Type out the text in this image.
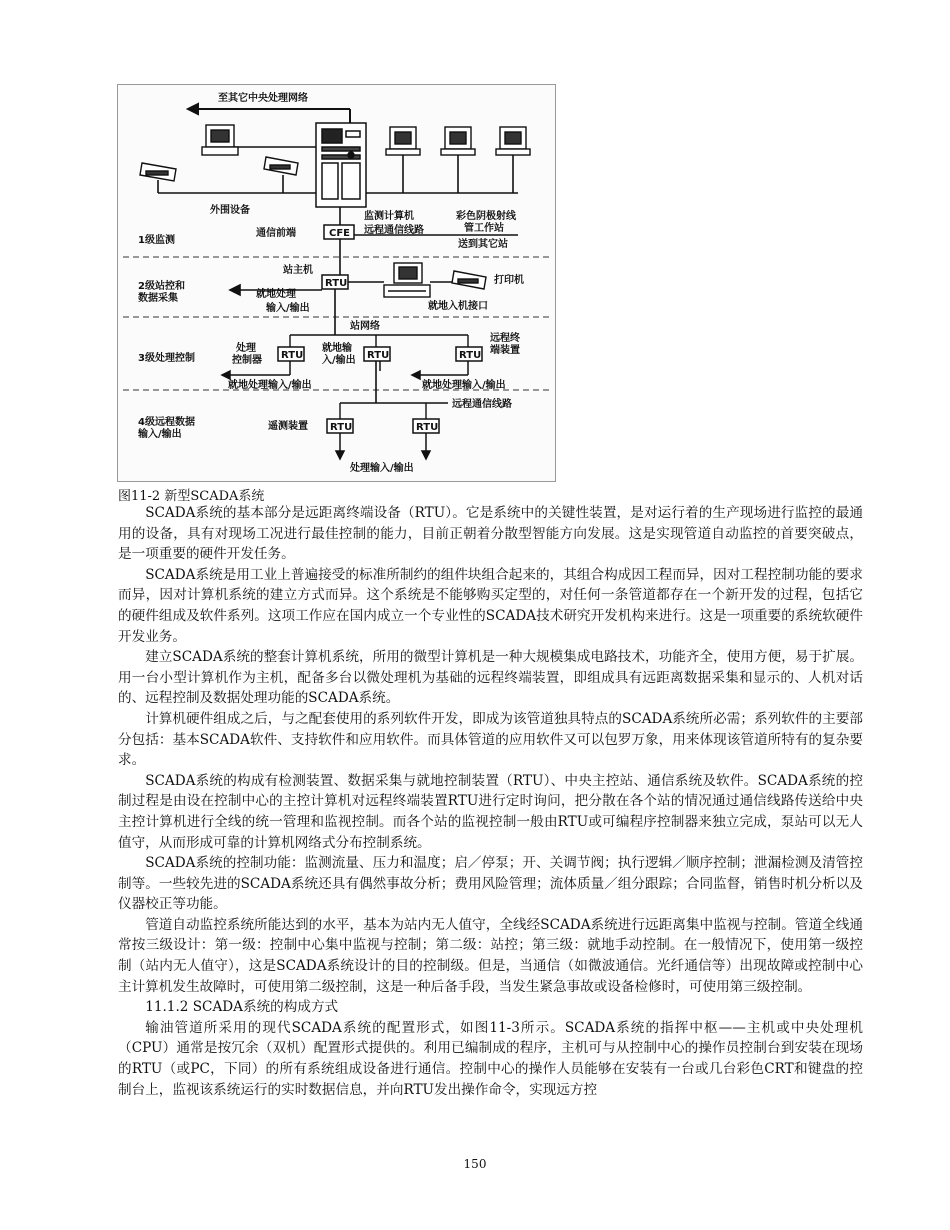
至其它中央处理网络
外围设备
监测计算机	彩色阴极射线
管工作站
CFE
通信前端	远程通信线路
送到其它站
1级监测
站主机
RTU	打印机
就地入机接口
2级站控和
数据采集	就地处理
输入/输出
站网络
RTU	RTU	RTU
处理
控制器
就地输
入/输出
远程终
端装置
3级处理控制
就地处理输入/输出	就地处理输入/输出
远程通信线路
RTU	RTU
遥测装置
4级远程数据
输入/输出
处理输入/输出
图11-2 新型SCADA系统

SCADA系统的基本部分是远距离终端设备（RTU）。它是系统中的关键性装置，是对运行着的生产现场进行监控的最通用的设备，具有对现场工况进行最佳控制的能力，目前正朝着分散型智能方向发展。这是实现管道自动监控的首要突破点，是一项重要的硬件开发任务。

SCADA系统是用工业上普遍接受的标准所制约的组件块组合起来的，其组合构成因工程而异，因对工程控制功能的要求而异，因对计算机系统的建立方式而异。这个系统是不能够购买定型的，对任何一条管道都存在一个新开发的过程，包括它的硬件组成及软件系列。这项工作应在国内成立一个专业性的SCADA技术研究开发机构来进行。这是一项重要的系统软硬件开发业务。

建立SCADA系统的整套计算机系统，所用的微型计算机是一种大规模集成电路技术，功能齐全，使用方便，易于扩展。用一台小型计算机作为主机，配备多台以微处理机为基础的远程终端装置，即组成具有远距离数据采集和显示的、人机对话的、远程控制及数据处理功能的SCADA系统。

计算机硬件组成之后，与之配套使用的系列软件开发，即成为该管道独具特点的SCADA系统所必需；系列软件的主要部分包括：基本SCADA软件、支持软件和应用软件。而具体管道的应用软件又可以包罗万象，用来体现该管道所特有的复杂要求。

SCADA系统的构成有检测装置、数据采集与就地控制装置（RTU）、中央主控站、通信系统及软件。SCADA系统的控制过程是由设在控制中心的主控计算机对远程终端装置RTU进行定时询问，把分散在各个站的情况通过通信线路传送给中央主控计算机进行全线的统一管理和监视控制。而各个站的监视控制一般由RTU或可编程序控制器来独立完成，泵站可以无人值守，从而形成可靠的计算机网络式分布控制系统。

SCADA系统的控制功能：监测流量、压力和温度；启／停泵；开、关调节阀；执行逻辑／顺序控制；泄漏检测及清管控制等。一些较先进的SCADA系统还具有偶然事故分析；费用风险管理；流体质量／组分跟踪；合同监督，销售时机分析以及仪器校正等功能。

管道自动监控系统所能达到的水平，基本为站内无人值守，全线经SCADA系统进行远距离集中监视与控制。管道全线通常按三级设计：第一级：控制中心集中监视与控制；第二级：站控；第三级：就地手动控制。在一般情况下，使用第一级控制（站内无人值守），这是SCADA系统设计的目的控制级。但是，当通信（如微波通信。光纤通信等）出现故障或控制中心主计算机发生故障时，可使用第二级控制，这是一种后备手段，当发生紧急事故或设备检修时，可使用第三级控制。

11.1.2 SCADA系统的构成方式

输油管道所采用的现代SCADA系统的配置形式，如图11-3所示。SCADA系统的指挥中枢——主机或中央处理机（CPU）通常是按冗余（双机）配置形式提供的。利用已编制成的程序，主机可与从控制中心的操作员控制台到安装在现场的RTU（或PC，下同）的所有系统组成设备进行通信。控制中心的操作人员能够在安装有一台或几台彩色CRT和键盘的控制台上，监视该系统运行的实时数据信息，并向RTU发出操作命令，实现远方控

150
